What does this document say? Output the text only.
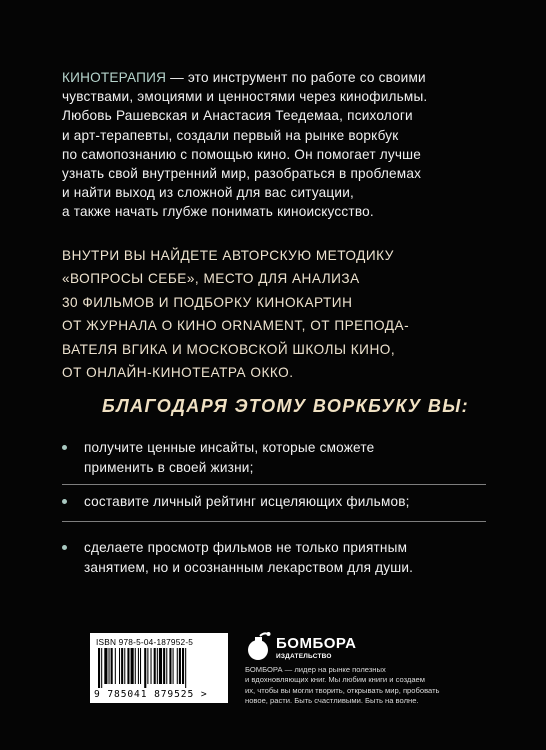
КИНОТЕРАПИЯ — это инструмент по работе со своими
чувствами, эмоциями и ценностями через кинофильмы.
Любовь Рашевская и Анастасия Теедемаа, психологи
и арт-терапевты, создали первый на рынке воркбук
по самопознанию с помощью кино. Он помогает лучше
узнать свой внутренний мир, разобраться в проблемах
и найти выход из сложной для вас ситуации,
а также начать глубже понимать киноискусство.
ВНУТРИ ВЫ НАЙДЕТЕ АВТОРСКУЮ МЕТОДИКУ
«ВОПРОСЫ СЕБЕ», МЕСТО ДЛЯ АНАЛИЗА
30 ФИЛЬМОВ И ПОДБОРКУ КИНОКАРТИН
ОТ ЖУРНАЛА О КИНО ORNAMENT, ОТ ПРЕПОДА-
ВАТЕЛЯ ВГИКА И МОСКОВСКОЙ ШКОЛЫ КИНО,
ОТ ОНЛАЙН-КИНОТЕАТРА ОККО.
БЛАГОДАРЯ ЭТОМУ ВОРКБУКУ ВЫ:
получите ценные инсайты, которые сможете
применить в своей жизни;
составите личный рейтинг исцеляющих фильмов;
сделаете просмотр фильмов не только приятным
занятием, но и осознанным лекарством для души.
ISBN 978-5-04-187952-5
9 785041 879525 >
БОМБОРА
ИЗДАТЕЛЬСТВО
БОМБОРА — лидер на рынке полезных
и вдохновляющих книг. Мы любим книги и создаем
их, чтобы вы могли творить, открывать мир, пробовать
новое, расти. Быть счастливыми. Быть на волне.
